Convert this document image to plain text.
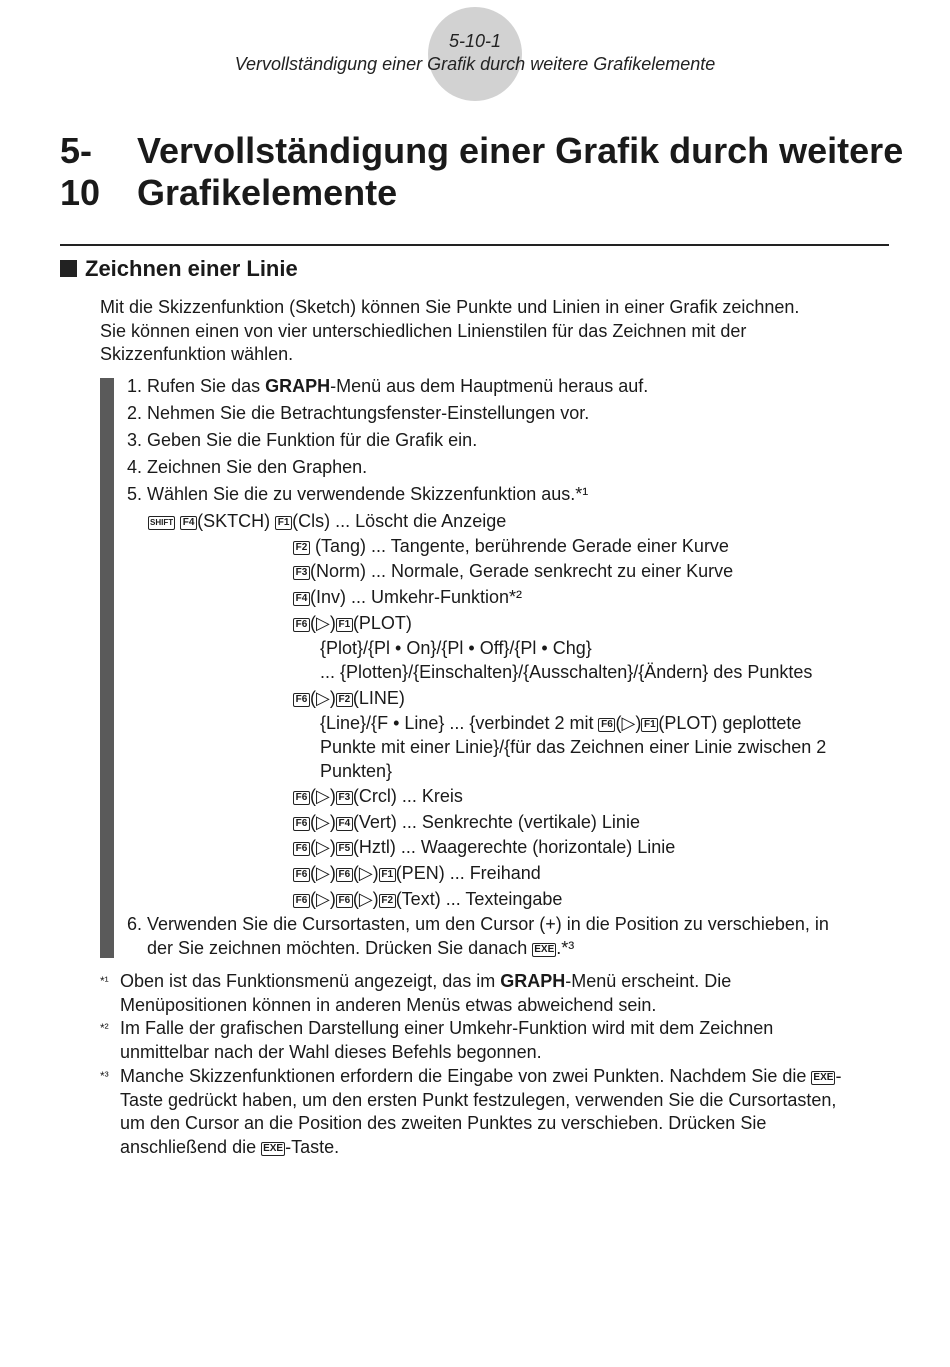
5-10-1
Vervollständigung einer Grafik durch weitere Grafikelemente
5-10
Vervollständigung einer Grafik durch weitere
Grafikelemente
Zeichnen einer Linie
Mit die Skizzenfunktion (Sketch) können Sie Punkte und Linien in einer Grafik zeichnen.
Sie können einen von vier unterschiedlichen Linienstilen für das Zeichnen mit der
Skizzenfunktion wählen.
1. Rufen Sie das GRAPH-Menü aus dem Hauptmenü heraus auf.
2. Nehmen Sie die Betrachtungsfenster-Einstellungen vor.
3. Geben Sie die Funktion für die Grafik ein.
4. Zeichnen Sie den Graphen.
5. Wählen Sie die zu verwendende Skizzenfunktion aus.*¹
SHIFT F4 (SKTCH) F1 (Cls) ... Löscht die Anzeige
F2 (Tang) ... Tangente, berührende Gerade einer Kurve
F3 (Norm) ... Normale, Gerade senkrecht zu einer Kurve
F4 (Inv) ... Umkehr-Funktion*²
F6 (▷) F1 (PLOT)
{Plot}/{Pl • On}/{Pl • Off}/{Pl • Chg}
... {Plotten}/{Einschalten}/{Ausschalten}/{Ändern} des Punktes
F6 (▷) F2 (LINE)
{Line}/{F • Line} ... {verbindet 2 mit F6 (▷) F1 (PLOT) geplottete
Punkte mit einer Linie}/{für das Zeichnen einer Linie zwischen 2
Punkten}
F6 (▷) F3 (Crcl) ... Kreis
F6 (▷) F4 (Vert) ... Senkrechte (vertikale) Linie
F6 (▷) F5 (Hztl) ... Waagerechte (horizontale) Linie
F6 (▷) F6 (▷) F1 (PEN) ... Freihand
F6 (▷) F6 (▷) F2 (Text) ... Texteingabe
6. Verwenden Sie die Cursortasten, um den Cursor (+) in die Position zu verschieben, in
der Sie zeichnen möchten. Drücken Sie danach EXE .*³
*¹ Oben ist das Funktionsmenü angezeigt, das im GRAPH-Menü erscheint. Die
Menüpositionen können in anderen Menüs etwas abweichend sein.
*² Im Falle der grafischen Darstellung einer Umkehr-Funktion wird mit dem Zeichnen
unmittelbar nach der Wahl dieses Befehls begonnen.
*³ Manche Skizzenfunktionen erfordern die Eingabe von zwei Punkten. Nachdem Sie die EXE -
Taste gedrückt haben, um den ersten Punkt festzulegen, verwenden Sie die Cursortasten,
um den Cursor an die Position des zweiten Punktes zu verschieben. Drücken Sie
anschließend die EXE -Taste.
